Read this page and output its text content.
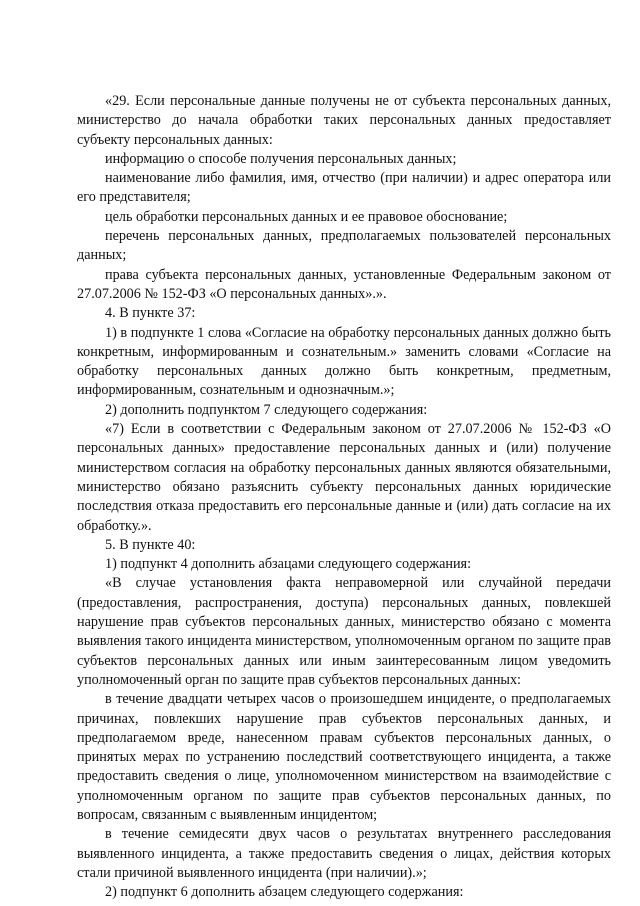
«29. Если персональные данные получены не от субъекта персональных данных, министерство до начала обработки таких персональных данных предоставляет субъекту персональных данных:

информацию о способе получения персональных данных;

наименование либо фамилия, имя, отчество (при наличии) и адрес оператора или его представителя;

цель обработки персональных данных и ее правовое обоснование;

перечень персональных данных, предполагаемых пользователей персональных данных;

права субъекта персональных данных, установленные Федеральным законом от 27.07.2006 № 152-ФЗ «О персональных данных».».

4. В пункте 37:

1) в подпункте 1 слова «Согласие на обработку персональных данных должно быть конкретным, информированным и сознательным.» заменить словами «Согласие на обработку персональных данных должно быть конкретным, предметным, информированным, сознательным и однозначным.»;

2) дополнить подпунктом 7 следующего содержания:

«7) Если в соответствии с Федеральным законом от 27.07.2006 № 152-ФЗ «О персональных данных» предоставление персональных данных и (или) получение министерством согласия на обработку персональных данных являются обязательными, министерство обязано разъяснить субъекту персональных данных юридические последствия отказа предоставить его персональные данные и (или) дать согласие на их обработку.».

5. В пункте 40:

1) подпункт 4 дополнить абзацами следующего содержания:

«В случае установления факта неправомерной или случайной передачи (предоставления, распространения, доступа) персональных данных, повлекшей нарушение прав субъектов персональных данных, министерство обязано с момента выявления такого инцидента министерством, уполномоченным органом по защите прав субъектов персональных данных или иным заинтересованным лицом уведомить уполномоченный орган по защите прав субъектов персональных данных:

в течение двадцати четырех часов о произошедшем инциденте, о предполагаемых причинах, повлекших нарушение прав субъектов персональных данных, и предполагаемом вреде, нанесенном правам субъектов персональных данных, о принятых мерах по устранению последствий соответствующего инцидента, а также предоставить сведения о лице, уполномоченном министерством на взаимодействие с уполномоченным органом по защите прав субъектов персональных данных, по вопросам, связанным с выявленным инцидентом;

в течение семидесяти двух часов о результатах внутреннего расследования выявленного инцидента, а также предоставить сведения о лицах, действия которых стали причиной выявленного инцидента (при наличии).»;

2) подпункт 6 дополнить абзацем следующего содержания:
